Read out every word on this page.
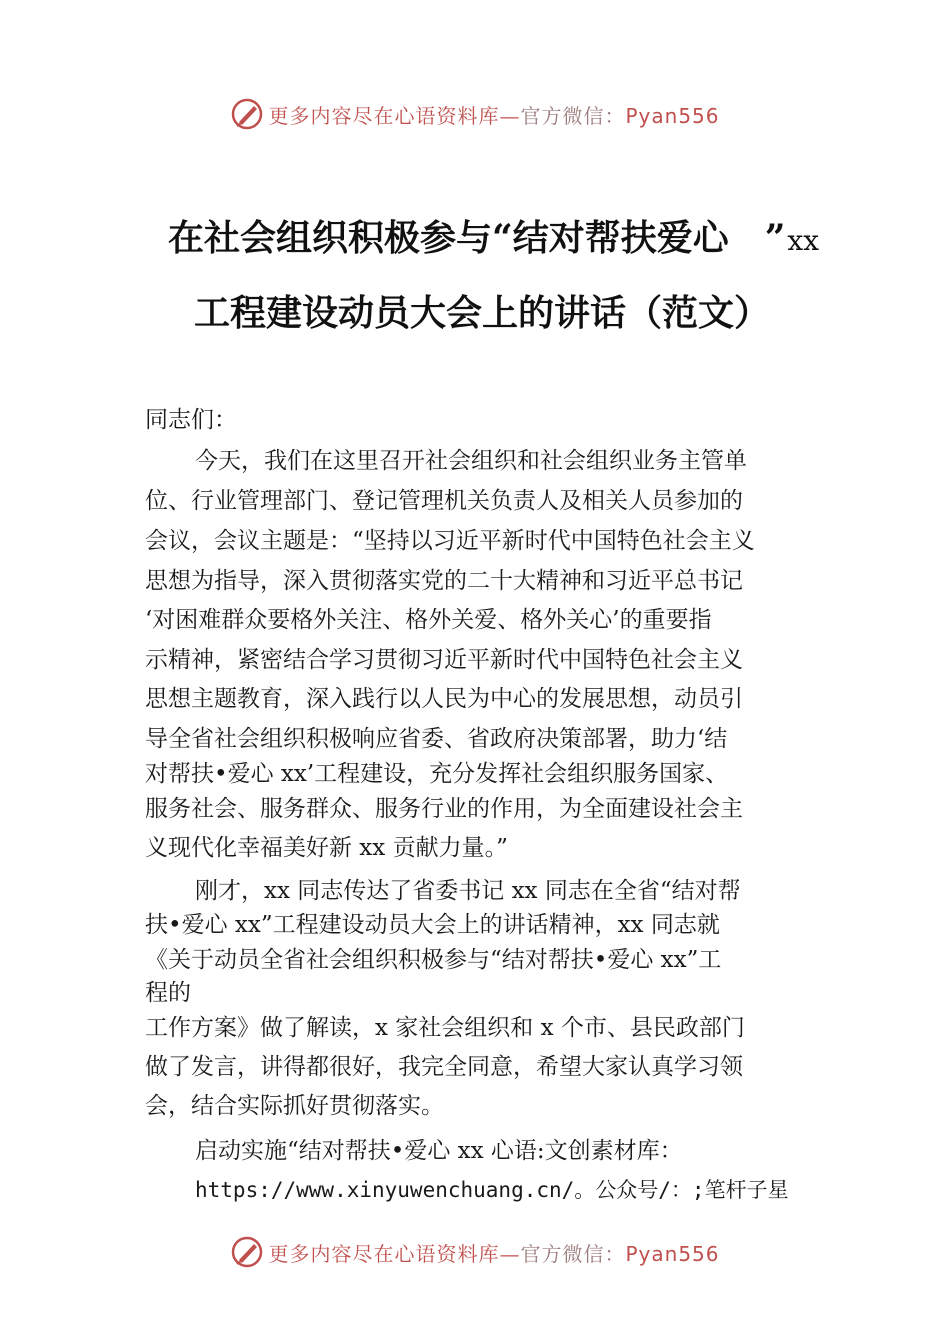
更多内容尽在心语资料库—官方微信：Pyan556
在社会组织积极参与“结对帮扶爱心　”xx
工程建设动员大会上的讲话（范文）
同志们：
今天，我们在这里召开社会组织和社会组织业务主管单
位、行业管理部门、登记管理机关负责人及相关人员参加的
会议，会议主题是：“坚持以习近平新时代中国特色社会主义
思想为指导，深入贯彻落实党的二十大精神和习近平总书记
‘对困难群众要格外关注、格外关爱、格外关心’的重要指
示精神，紧密结合学习贯彻习近平新时代中国特色社会主义
思想主题教育，深入践行以人民为中心的发展思想，动员引
导全省社会组织积极响应省委、省政府决策部署，助力‘结
对帮扶•爱心 xx’工程建设，充分发挥社会组织服务国家、
服务社会、服务群众、服务行业的作用，为全面建设社会主
义现代化幸福美好新 xx 贡献力量。”
刚才，xx 同志传达了省委书记 xx 同志在全省“结对帮
扶•爱心 xx”工程建设动员大会上的讲话精神，xx 同志就
《关于动员全省社会组织积极参与“结对帮扶•爱心 xx”工
程的
工作方案》做了解读，x 家社会组织和 x 个市、县民政部门
做了发言，讲得都很好，我完全同意，希望大家认真学习领
会，结合实际抓好贯彻落实。
启动实施“结对帮扶•爱心 xx 心语:文创素材库：
https://www.xinyuwenchuang.cn/。公众号/：;笔杆子星
更多内容尽在心语资料库—官方微信：Pyan556
